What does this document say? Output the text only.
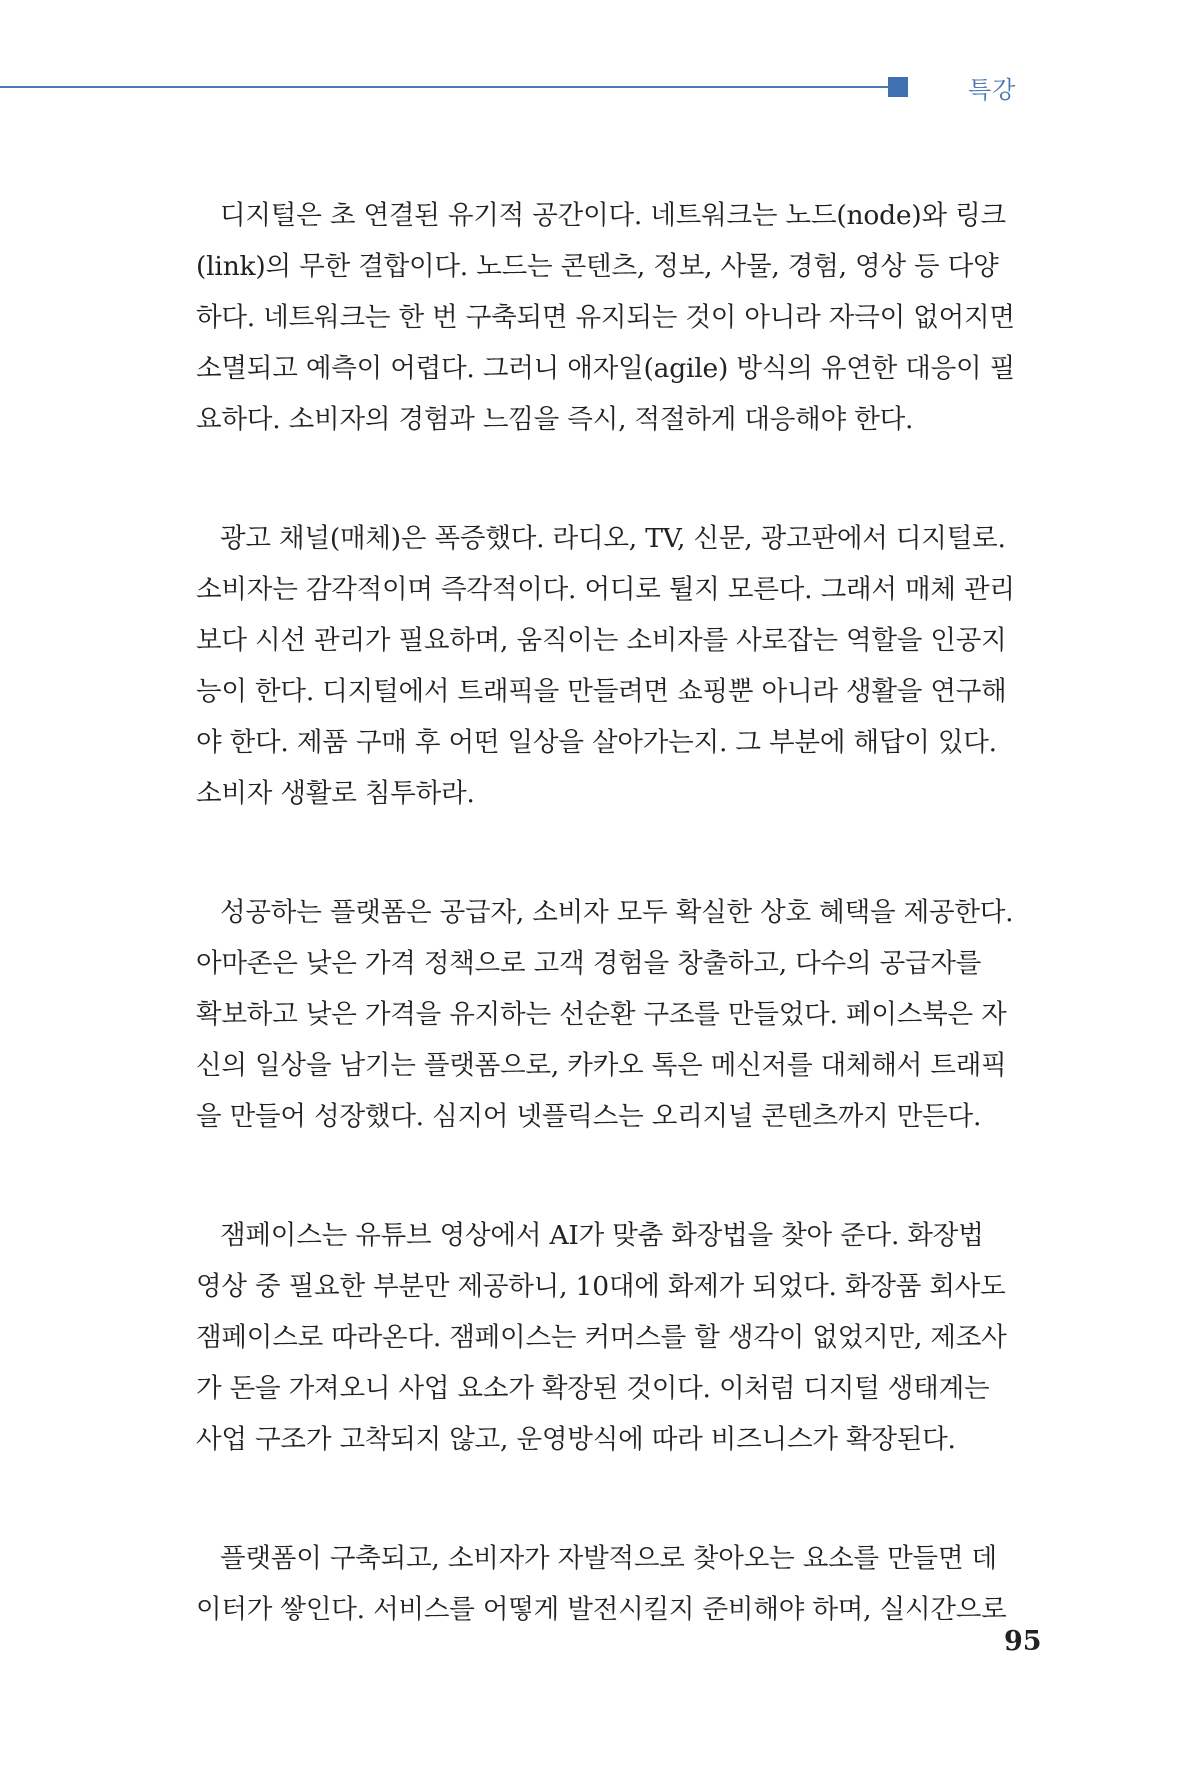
특강

디지털은 초 연결된 유기적 공간이다. 네트워크는 노드(node)와 링크
(link)의 무한 결합이다. 노드는 콘텐츠, 정보, 사물, 경험, 영상 등 다양
하다. 네트워크는 한 번 구축되면 유지되는 것이 아니라 자극이 없어지면
소멸되고 예측이 어렵다. 그러니 애자일(agile) 방식의 유연한 대응이 필
요하다. 소비자의 경험과 느낌을 즉시, 적절하게 대응해야 한다.

광고 채널(매체)은 폭증했다. 라디오, TV, 신문, 광고판에서 디지털로.
소비자는 감각적이며 즉각적이다. 어디로 튈지 모른다. 그래서 매체 관리
보다 시선 관리가 필요하며, 움직이는 소비자를 사로잡는 역할을 인공지
능이 한다. 디지털에서 트래픽을 만들려면 쇼핑뿐 아니라 생활을 연구해
야 한다. 제품 구매 후 어떤 일상을 살아가는지. 그 부분에 해답이 있다.
소비자 생활로 침투하라.

성공하는 플랫폼은 공급자, 소비자 모두 확실한 상호 혜택을 제공한다.
아마존은 낮은 가격 정책으로 고객 경험을 창출하고, 다수의 공급자를
확보하고 낮은 가격을 유지하는 선순환 구조를 만들었다. 페이스북은 자
신의 일상을 남기는 플랫폼으로, 카카오 톡은 메신저를 대체해서 트래픽
을 만들어 성장했다. 심지어 넷플릭스는 오리지널 콘텐츠까지 만든다.

잼페이스는 유튜브 영상에서 AI가 맞춤 화장법을 찾아 준다. 화장법
영상 중 필요한 부분만 제공하니, 10대에 화제가 되었다. 화장품 회사도
잼페이스로 따라온다. 잼페이스는 커머스를 할 생각이 없었지만, 제조사
가 돈을 가져오니 사업 요소가 확장된 것이다. 이처럼 디지털 생태계는
사업 구조가 고착되지 않고, 운영방식에 따라 비즈니스가 확장된다.

플랫폼이 구축되고, 소비자가 자발적으로 찾아오는 요소를 만들면 데
이터가 쌓인다. 서비스를 어떻게 발전시킬지 준비해야 하며, 실시간으로

95
